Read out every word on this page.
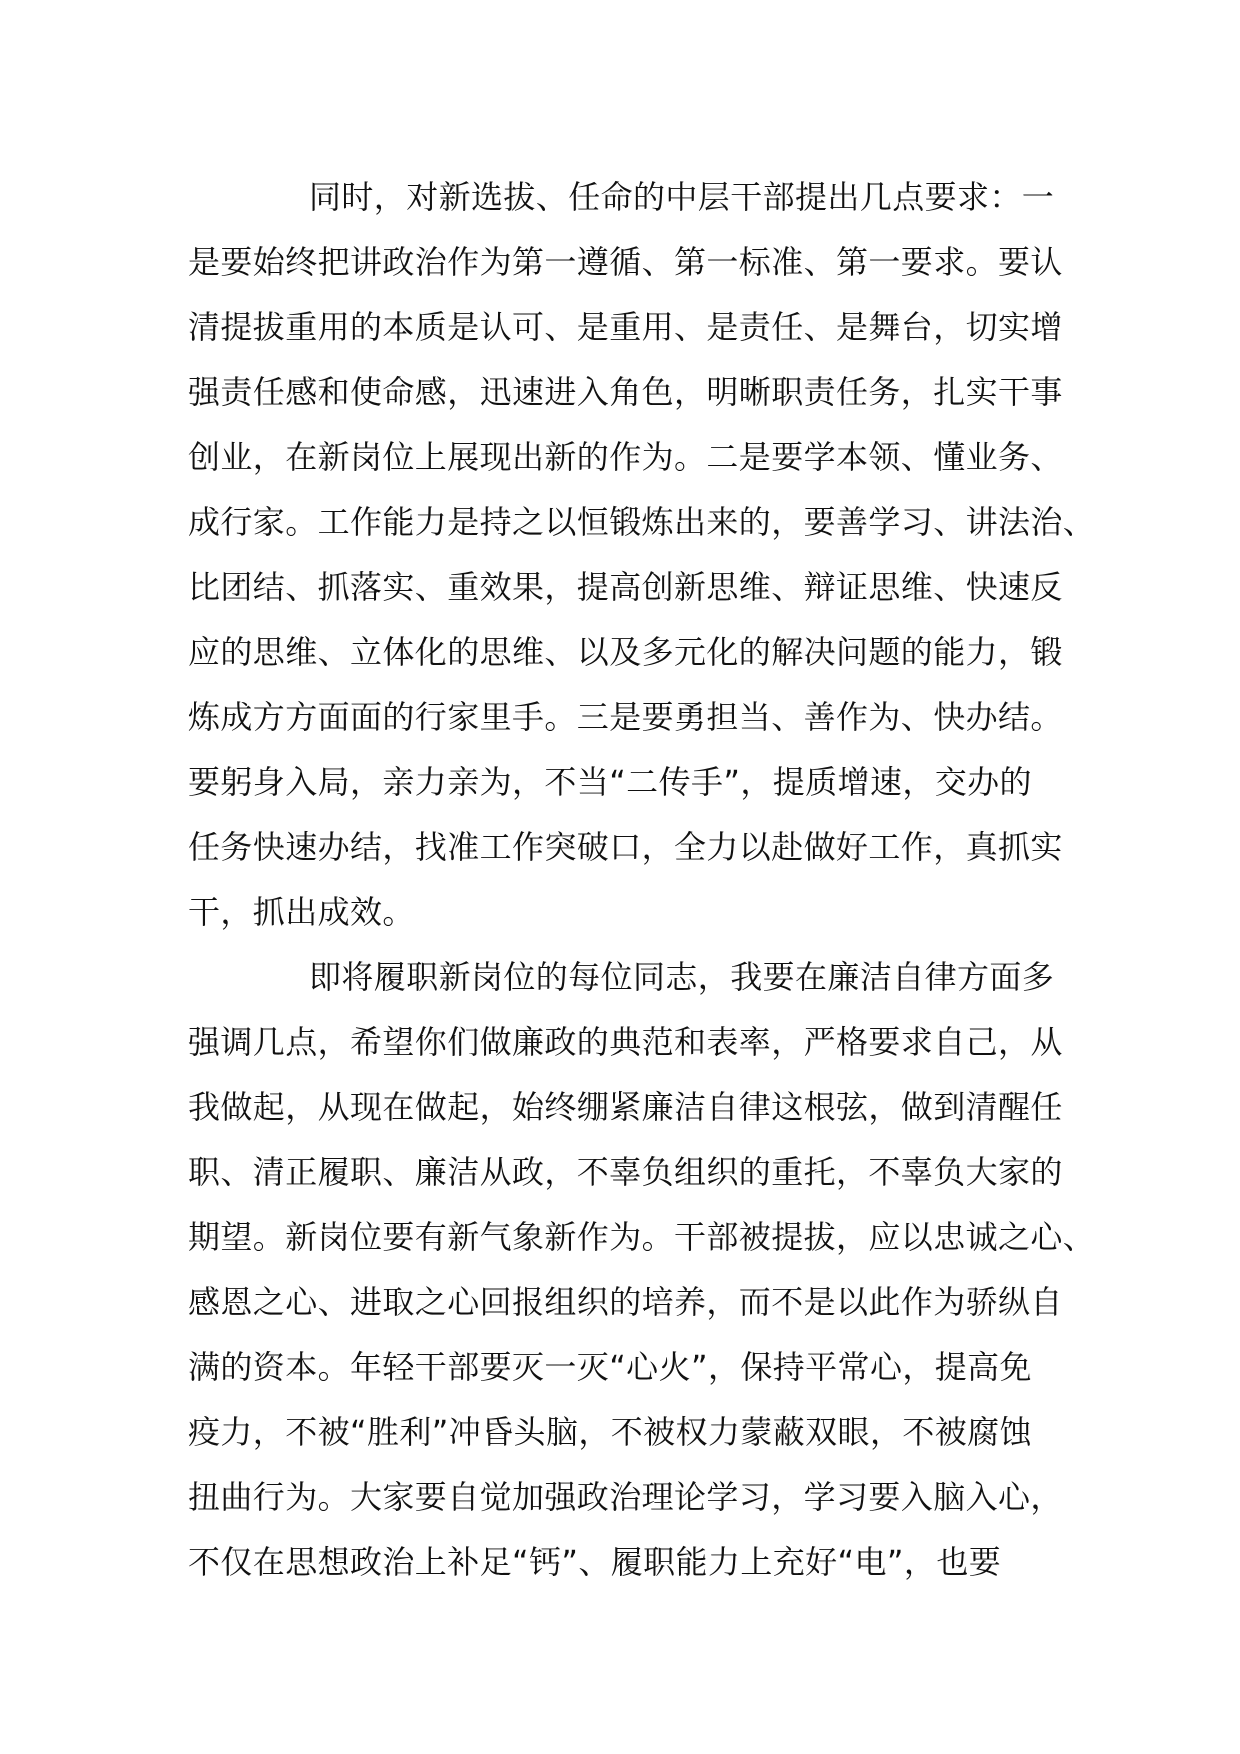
同时，对新选拔、任命的中层干部提出几点要求：一
是要始终把讲政治作为第一遵循、第一标准、第一要求。要认
清提拔重用的本质是认可、是重用、是责任、是舞台，切实增
强责任感和使命感，迅速进入角色，明晰职责任务，扎实干事
创业，在新岗位上展现出新的作为。二是要学本领、懂业务、
成行家。工作能力是持之以恒锻炼出来的，要善学习、讲法治、
比团结、抓落实、重效果，提高创新思维、辩证思维、快速反
应的思维、立体化的思维、以及多元化的解决问题的能力，锻
炼成方方面面的行家里手。三是要勇担当、善作为、快办结。
要躬身入局，亲力亲为，不当“二传手”，提质增速，交办的
任务快速办结，找准工作突破口，全力以赴做好工作，真抓实
干，抓出成效。
即将履职新岗位的每位同志，我要在廉洁自律方面多
强调几点，希望你们做廉政的典范和表率，严格要求自己，从
我做起，从现在做起，始终绷紧廉洁自律这根弦，做到清醒任
职、清正履职、廉洁从政，不辜负组织的重托，不辜负大家的
期望。新岗位要有新气象新作为。干部被提拔，应以忠诚之心、
感恩之心、进取之心回报组织的培养，而不是以此作为骄纵自
满的资本。年轻干部要灭一灭“心火”，保持平常心，提高免
疫力，不被“胜利”冲昏头脑，不被权力蒙蔽双眼，不被腐蚀
扭曲行为。大家要自觉加强政治理论学习，学习要入脑入心，
不仅在思想政治上补足“钙”、履职能力上充好“电”，也要
